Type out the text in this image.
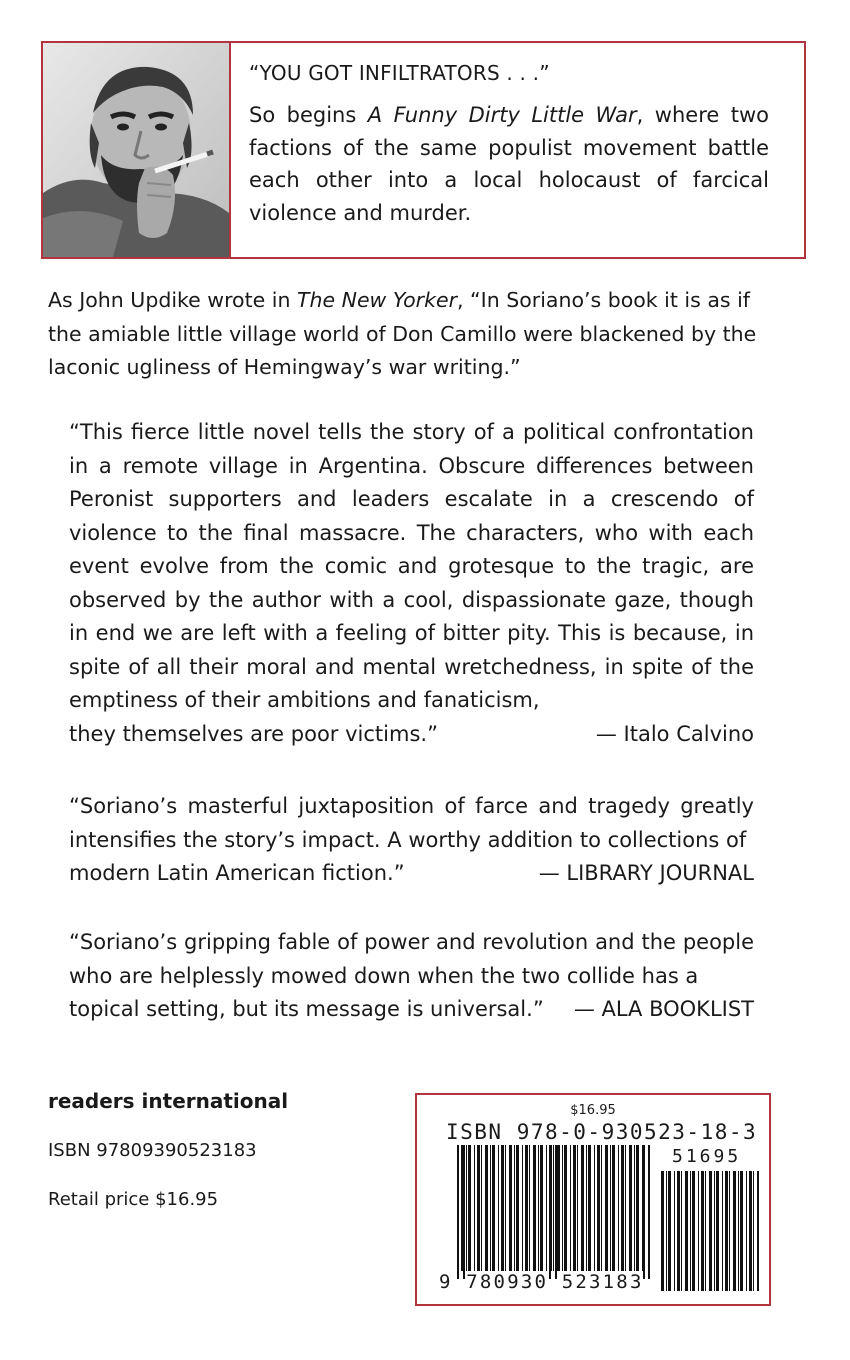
“YOU GOT INFILTRATORS . . .”

So begins A Funny Dirty Little War, where two factions of the same populist movement battle each other into a local holocaust of farcical violence and murder.

As John Updike wrote in The New Yorker, “In Soriano’s book it is as if the amiable little village world of Don Camillo were blackened by the laconic ugliness of Hemingway’s war writing.”

“This fierce little novel tells the story of a political confrontation in a remote village in Argentina. Obscure differences between Peronist supporters and leaders escalate in a crescendo of violence to the final massacre. The characters, who with each event evolve from the comic and grotesque to the tragic, are observed by the author with a cool, dispassionate gaze, though in end we are left with a feeling of bitter pity. This is because, in spite of all their moral and mental wretchedness, in spite of the emptiness of their ambitions and fanaticism,
they themselves are poor victims.”	— Italo Calvino
“Soriano’s masterful juxtaposition of farce and tragedy greatly intensifies the story’s impact. A worthy addition to collections of
modern Latin American fiction.”	— LIBRARY JOURNAL
“Soriano’s gripping fable of power and revolution and the people who are helplessly mowed down when the two collide has a
topical setting, but its message is universal.” — ALA BOOKLIST
readers international
ISBN 97809390523183
Retail price $16.95
$16.95
ISBN 978-0-930523-18-3
51695
9 780930 523183
